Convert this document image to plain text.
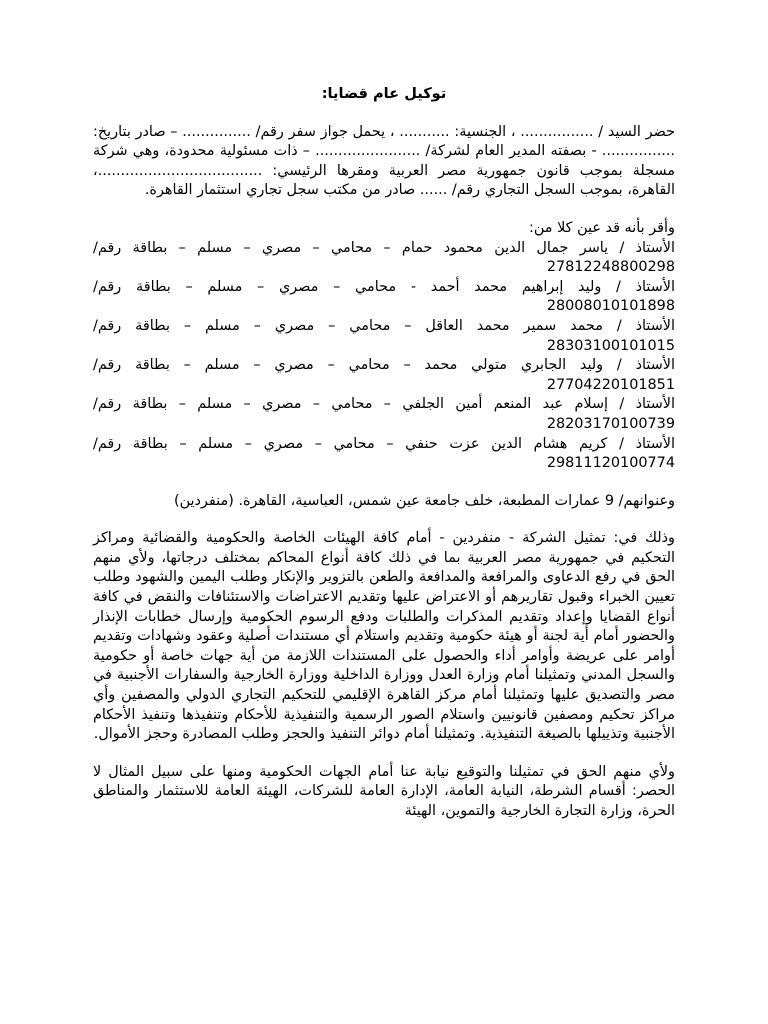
توكيل عام قضايا:

حضر السيد / ................ ، الجنسية: ........... ، يحمل جواز سفر رقم/ ............... – صادر بتاريخ: ................ - بصفته المدير العام لشركة/ ....................... – ذات مسئولية محدودة، وهي شركة مسجلة بموجب قانون جمهورية مصر العربية ومقرها الرئيسي: ....................................، القاهرة، بموجب السجل التجاري رقم/ ...... صادر من مكتب سجل تجاري استثمار القاهرة.

وأقر بأنه قد عين كلا من:

الأستاذ / ياسر جمال الدين محمود حمام – محامي – مصري – مسلم – بطاقة رقم/
27812248800298
الأستاذ / وليد إبراهيم محمد أحمد - محامي – مصري – مسلم – بطاقة رقم/
28008010101898
الأستاذ / محمد سمير محمد العاقل – محامي – مصري – مسلم – بطاقة رقم/
28303100101015
الأستاذ / وليد الجابري متولي محمد – محامي – مصري – مسلم – بطاقة رقم/
27704220101851
الأستاذ / إسلام عبد المنعم أمين الجلفي – محامي – مصري – مسلم – بطاقة رقم/
28203170100739
الأستاذ / كريم هشام الدين عزت حنفي – محامي – مصري – مسلم – بطاقة رقم/
29811120100774

وعنوانهم/ 9 عمارات المطبعة، خلف جامعة عين شمس، العباسية، القاهرة. (منفردين)

وذلك في: تمثيل الشركة - منفردين - أمام كافة الهيئات الخاصة والحكومية والقضائية ومراكز التحكيم في جمهورية مصر العربية بما في ذلك كافة أنواع المحاكم بمختلف درجاتها، ولأي منهم الحق في رفع الدعاوى والمرافعة والمدافعة والطعن بالتزوير والإنكار وطلب اليمين والشهود وطلب تعيين الخبراء وقبول تقاريرهم أو الاعتراض عليها وتقديم الاعتراضات والاستئنافات والنقض في كافة أنواع القضايا وإعداد وتقديم المذكرات والطلبات ودفع الرسوم الحكومية وإرسال خطابات الإنذار والحضور أمام أية لجنة أو هيئة حكومية وتقديم واستلام أي مستندات أصلية وعقود وشهادات وتقديم أوامر على عريضة وأوامر أداء والحصول على المستندات اللازمة من أية جهات خاصة أو حكومية والسجل المدني وتمثيلنا أمام وزارة العدل ووزارة الداخلية ووزارة الخارجية والسفارات الأجنبية في مصر والتصديق عليها وتمثيلنا أمام مركز القاهرة الإقليمي للتحكيم التجاري الدولي والمصفين وأي مراكز تحكيم ومصفين قانونيين واستلام الصور الرسمية والتنفيذية للأحكام وتنفيذها وتنفيذ الأحكام الأجنبية وتذييلها بالصيغة التنفيذية. وتمثيلنا أمام دوائر التنفيذ والحجز وطلب المصادرة وحجز الأموال.

ولأي منهم الحق في تمثيلنا والتوقيع نيابة عنا أمام الجهات الحكومية ومنها على سبيل المثال لا الحصر: أقسام الشرطة، النيابة العامة، الإدارة العامة للشركات، الهيئة العامة للاستثمار والمناطق الحرة، وزارة التجارة الخارجية والتموين، الهيئة
